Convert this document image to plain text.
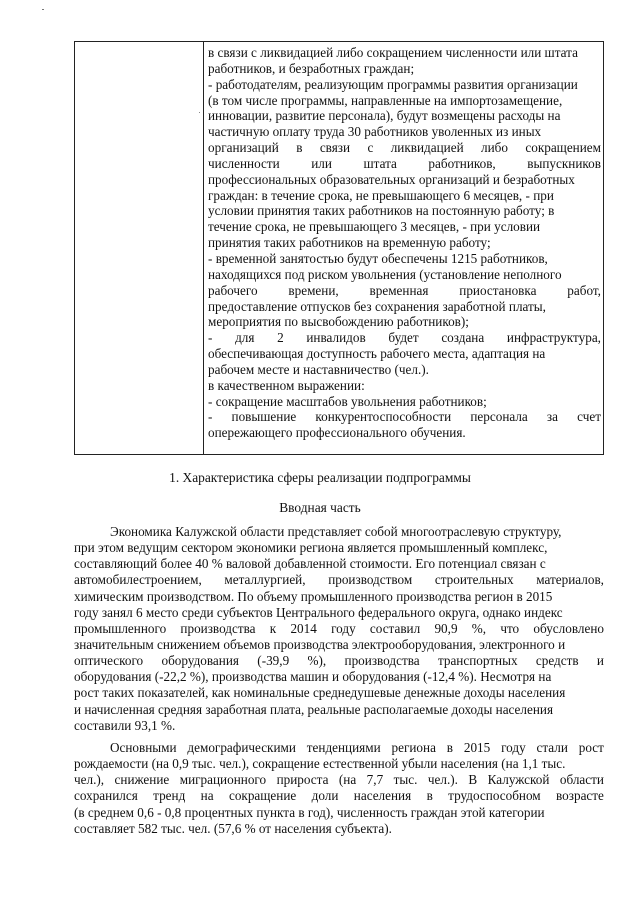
в связи с ликвидацией либо сокращением численности или штата
работников, и безработных граждан;
- работодателям, реализующим программы развития организации
(в том числе программы, направленные на импортозамещение,
инновации, развитие персонала), будут возмещены расходы на
частичную оплату труда 30 работников уволенных из иных
организаций в связи с ликвидацией либо сокращением
численности или штата работников, выпускников
профессиональных образовательных организаций и безработных
граждан: в течение срока, не превышающего 6 месяцев, - при
условии принятия таких работников на постоянную работу; в
течение срока, не превышающего 3 месяцев, - при условии
принятия таких работников на временную работу;
- временной занятостью будут обеспечены 1215 работников,
находящихся под риском увольнения (установление неполного
рабочего времени, временная приостановка работ,
предоставление отпусков без сохранения заработной платы,
мероприятия по высвобождению работников);
- для 2 инвалидов будет создана инфраструктура,
обеспечивающая доступность рабочего места, адаптация на
рабочем месте и наставничество (чел.).
в качественном выражении:
- сокращение масштабов увольнения работников;
- повышение конкурентоспособности персонала за счет
опережающего профессионального обучения.
1. Характеристика сферы реализации подпрограммы
Вводная часть
Экономика Калужской области представляет собой многоотраслевую структуру,
при этом ведущим сектором экономики региона является промышленный комплекс,
составляющий более 40 % валовой добавленной стоимости. Его потенциал связан с
автомобилестроением, металлургией, производством строительных материалов,
химическим производством. По объему промышленного производства регион в 2015
году занял 6 место среди субъектов Центрального федерального округа, однако индекс
промышленного производства к 2014 году составил 90,9 %, что обусловлено
значительным снижением объемов производства электрооборудования, электронного и
оптического оборудования (-39,9 %), производства транспортных средств и
оборудования (-22,2 %), производства машин и оборудования (-12,4 %). Несмотря на
рост таких показателей, как номинальные среднедушевые денежные доходы населения
и начисленная средняя заработная плата, реальные располагаемые доходы населения
составили 93,1 %.
Основными демографическими тенденциями региона в 2015 году стали рост
рождаемости (на 0,9 тыс. чел.), сокращение естественной убыли населения (на 1,1 тыс.
чел.), снижение миграционного прироста (на 7,7 тыс. чел.). В Калужской области
сохранился тренд на сокращение доли населения в трудоспособном возрасте
(в среднем 0,6 - 0,8 процентных пункта в год), численность граждан этой категории
составляет 582 тыс. чел. (57,6 % от населения субъекта).
